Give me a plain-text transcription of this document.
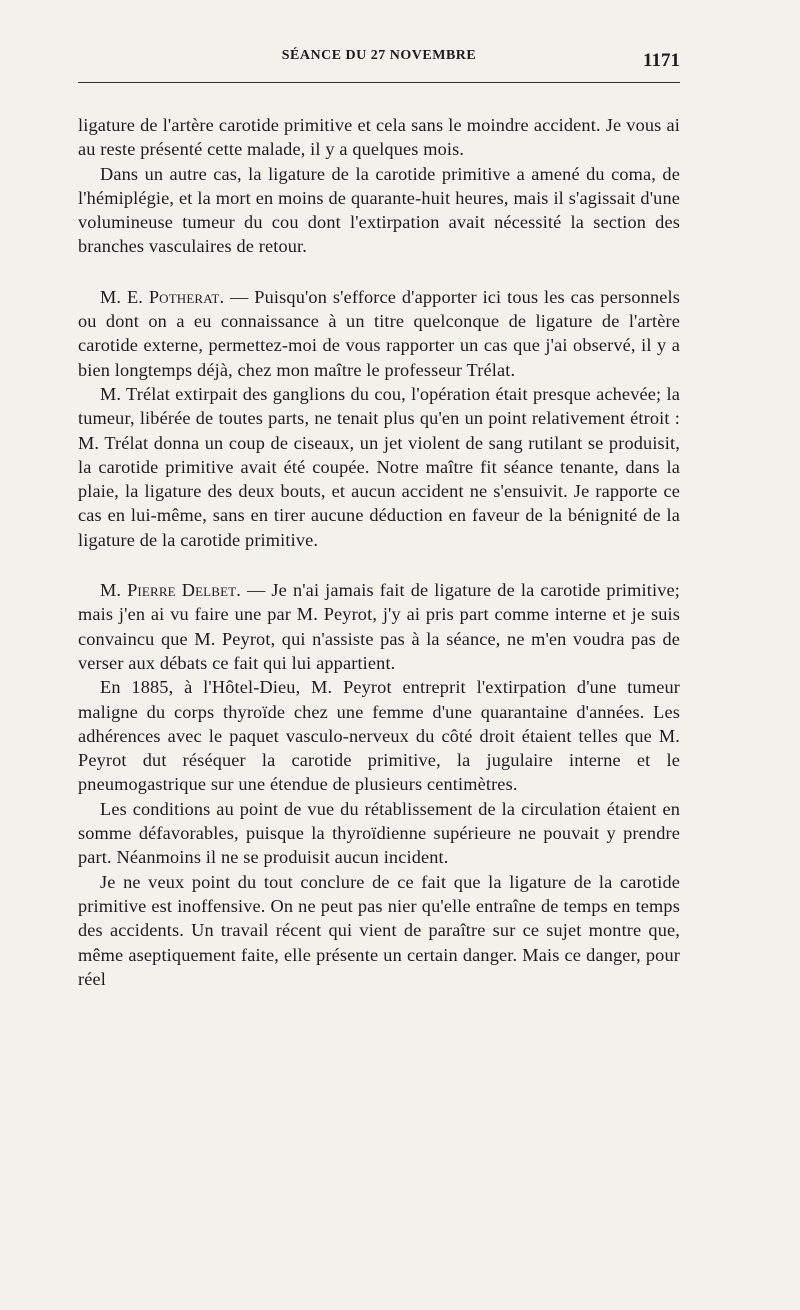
SÉANCE DU 27 NOVEMBRE	1171

ligature de l'artère carotide primitive et cela sans le moindre accident. Je vous ai au reste présenté cette malade, il y a quelques mois.

Dans un autre cas, la ligature de la carotide primitive a amené du coma, de l'hémiplégie, et la mort en moins de quarante-huit heures, mais il s'agissait d'une volumineuse tumeur du cou dont l'extirpation avait nécessité la section des branches vasculaires de retour.

M. E. Potherat. — Puisqu'on s'efforce d'apporter ici tous les cas personnels ou dont on a eu connaissance à un titre quelconque de ligature de l'artère carotide externe, permettez-moi de vous rapporter un cas que j'ai observé, il y a bien longtemps déjà, chez mon maître le professeur Trélat.

M. Trélat extirpait des ganglions du cou, l'opération était presque achevée; la tumeur, libérée de toutes parts, ne tenait plus qu'en un point relativement étroit : M. Trélat donna un coup de ciseaux, un jet violent de sang rutilant se produisit, la carotide primitive avait été coupée. Notre maître fit séance tenante, dans la plaie, la ligature des deux bouts, et aucun accident ne s'ensuivit. Je rapporte ce cas en lui-même, sans en tirer aucune déduction en faveur de la bénignité de la ligature de la carotide primitive.

M. Pierre Delbet. — Je n'ai jamais fait de ligature de la carotide primitive; mais j'en ai vu faire une par M. Peyrot, j'y ai pris part comme interne et je suis convaincu que M. Peyrot, qui n'assiste pas à la séance, ne m'en voudra pas de verser aux débats ce fait qui lui appartient.

En 1885, à l'Hôtel-Dieu, M. Peyrot entreprit l'extirpation d'une tumeur maligne du corps thyroïde chez une femme d'une quarantaine d'années. Les adhérences avec le paquet vasculo-nerveux du côté droit étaient telles que M. Peyrot dut réséquer la carotide primitive, la jugulaire interne et le pneumogastrique sur une étendue de plusieurs centimètres.

Les conditions au point de vue du rétablissement de la circulation étaient en somme défavorables, puisque la thyroïdienne supérieure ne pouvait y prendre part. Néanmoins il ne se produisit aucun incident.

Je ne veux point du tout conclure de ce fait que la ligature de la carotide primitive est inoffensive. On ne peut pas nier qu'elle entraîne de temps en temps des accidents. Un travail récent qui vient de paraître sur ce sujet montre que, même aseptiquement faite, elle présente un certain danger. Mais ce danger, pour réel
